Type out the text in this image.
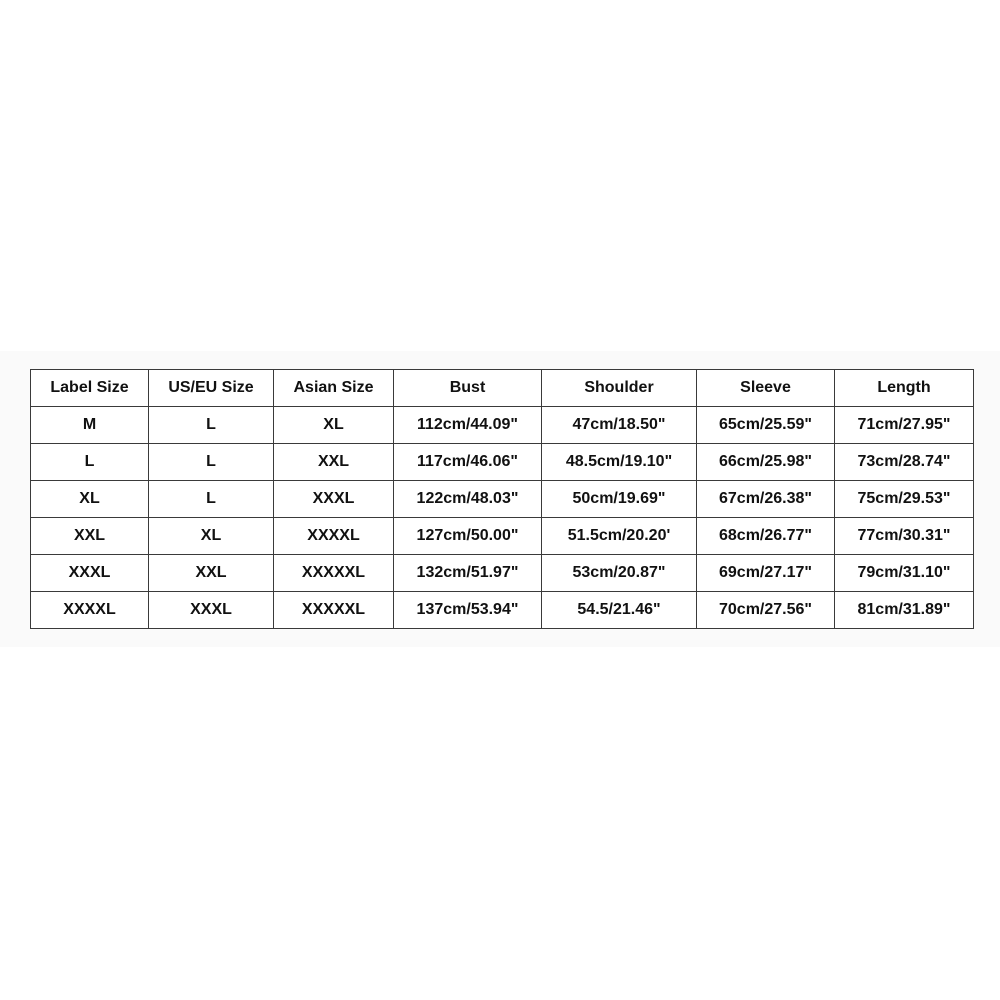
Label Size	US/EU Size	Asian Size	Bust	Shoulder	Sleeve	Length
M	L	XL	112cm/44.09"	47cm/18.50"	65cm/25.59"	71cm/27.95"
L	L	XXL	117cm/46.06"	48.5cm/19.10"	66cm/25.98"	73cm/28.74"
XL	L	XXXL	122cm/48.03"	50cm/19.69"	67cm/26.38"	75cm/29.53"
XXL	XL	XXXXL	127cm/50.00"	51.5cm/20.20'	68cm/26.77"	77cm/30.31"
XXXL	XXL	XXXXXL	132cm/51.97"	53cm/20.87"	69cm/27.17"	79cm/31.10"
XXXXL	XXXL	XXXXXL	137cm/53.94"	54.5/21.46"	70cm/27.56"	81cm/31.89"
